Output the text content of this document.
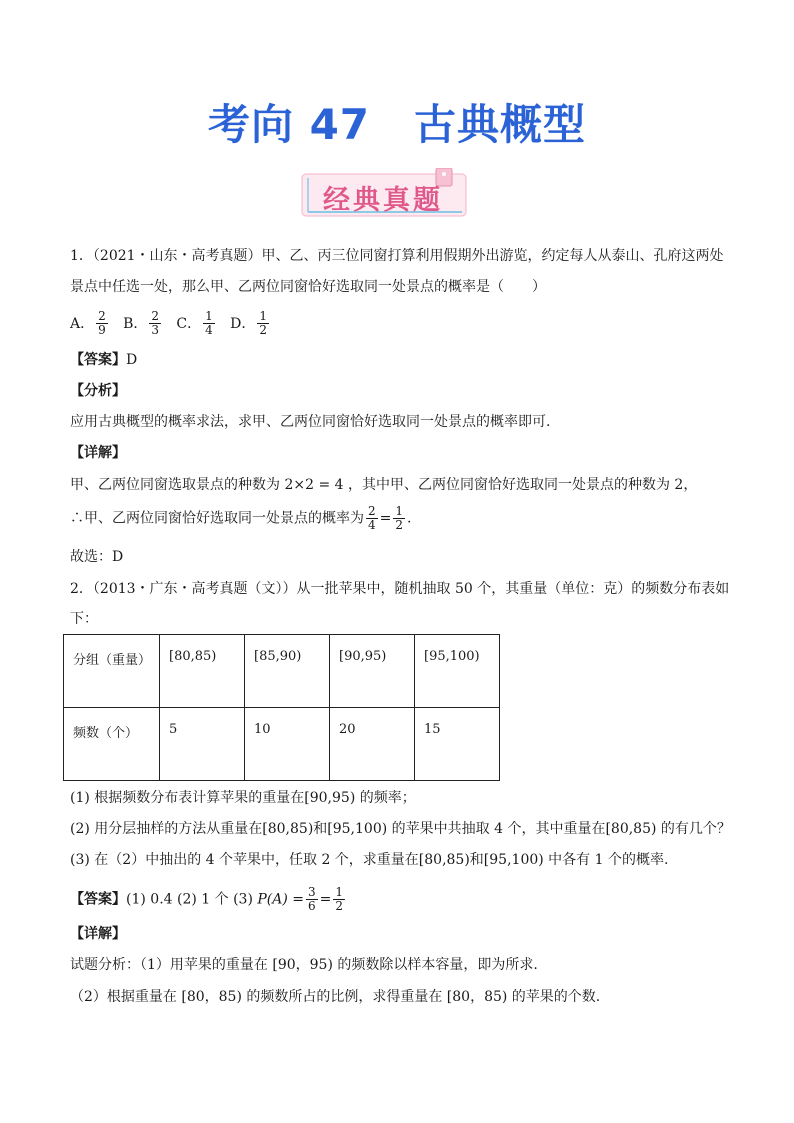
考向 47 古典概型
经典真题
1．（2021・山东・高考真题）甲、乙、丙三位同窗打算利用假期外出游览，约定每人从泰山、孔府这两处
景点中任选一处，那么甲、乙两位同窗恰好选取同一处景点的概率是（　　）
A． $\frac{2}{9}$ B． $\frac{2}{3}$ C． $\frac{1}{4}$ D． $\frac{1}{2}$
【答案】D
【分析】
应用古典概型的概率求法，求甲、乙两位同窗恰好选取同一处景点的概率即可.
【详解】
甲、乙两位同窗选取景点的种数为 2×2 = 4 ，其中甲、乙两位同窗恰好选取同一处景点的种数为 2，
∴甲、乙两位同窗恰好选取同一处景点的概率为 $\frac{2}{4} = \frac{1}{2}$ .
故选：D
2．（2013・广东・高考真题（文））从一批苹果中，随机抽取 50 个，其重量（单位：克）的频数分布表如
下：
分组（重量）	[80,85)	[85,90)	[90,95)	[95,100)
频数（个）	5	10	20	15
(1) 根据频数分布表计算苹果的重量在[90,95) 的频率；
(2) 用分层抽样的方法从重量在[80,85)和[95,100) 的苹果中共抽取 4 个，其中重量在[80,85) 的有几个？
(3) 在（2）中抽出的 4 个苹果中，任取 2 个，求重量在[80,85)和[95,100) 中各有 1 个的概率.
【答案】(1) 0.4 (2) 1 个 (3) $P(A) = \frac{3}{6} = \frac{1}{2}$
【详解】
试题分析：（1）用苹果的重量在 [90，95) 的频数除以样本容量，即为所求.
（2）根据重量在 [80，85) 的频数所占的比例，求得重量在 [80，85) 的苹果的个数.
